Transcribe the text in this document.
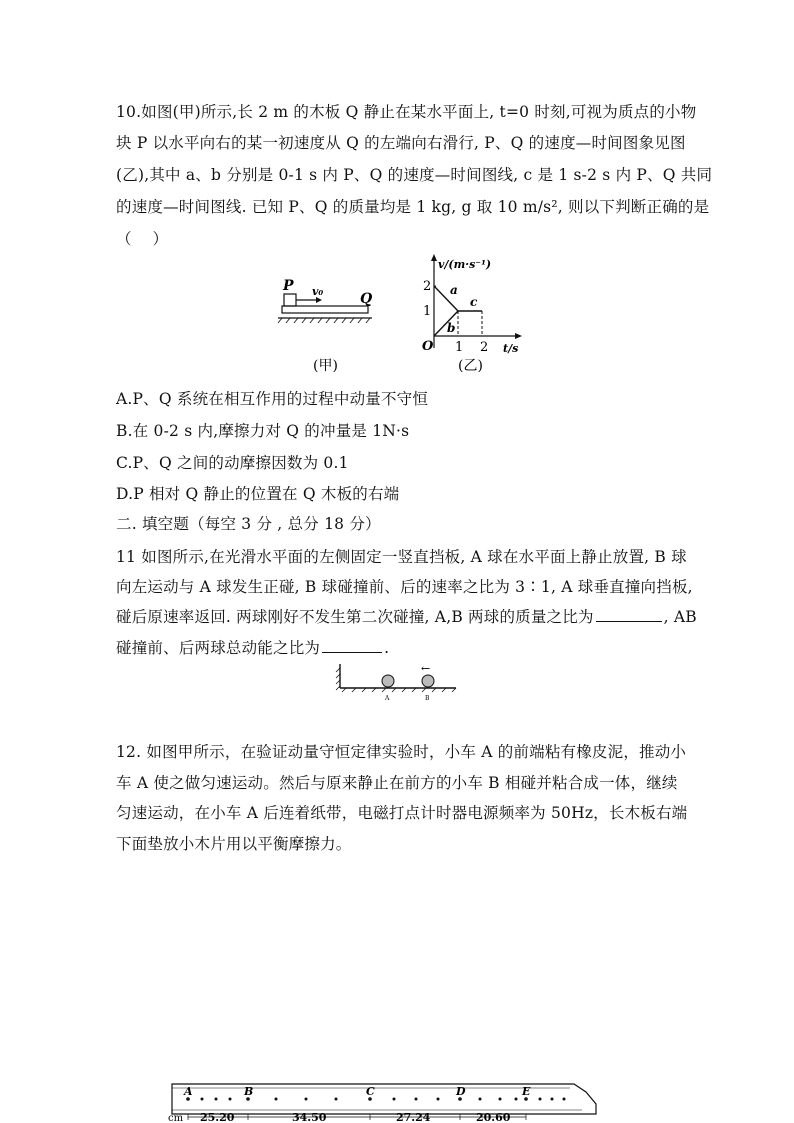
10.如图(甲)所示,长 2 m 的木板 Q 静止在某水平面上, t=0 时刻,可视为质点的小物
块 P 以水平向右的某一初速度从 Q 的左端向右滑行, P、Q 的速度—时间图象见图
(乙),其中 a、b 分别是 0-1 s 内 P、Q 的速度—时间图线, c 是 1 s-2 s 内 P、Q 共同
的速度—时间图线. 已知 P、Q 的质量均是 1 kg, g 取 10 m/s², 则以下判断正确的是
（　 ）
P v₀	Q
(甲)
v/(m·s⁻¹)
t/s
O
2
1
1 2
a
b
c
(乙)
A.P、Q 系统在相互作用的过程中动量不守恒
B.在 0-2 s 内,摩擦力对 Q 的冲量是 1N·s
C.P、Q 之间的动摩擦因数为 0.1
D.P 相对 Q 静止的位置在 Q 木板的右端
二. 填空题（每空 3 分 , 总分 18 分）
11 如图所示,在光滑水平面的左侧固定一竖直挡板, A 球在水平面上静止放置, B 球
向左运动与 A 球发生正碰, B 球碰撞前、后的速率之比为 3∶1, A 球垂直撞向挡板,
碰后原速率返回. 两球刚好不发生第二次碰撞, A,B 两球的质量之比为	, AB
碰撞前、后两球总动能之比为	.
A	B
←
12. 如图甲所示，在验证动量守恒定律实验时，小车 A 的前端粘有橡皮泥，推动小
车 A 使之做匀速运动。然后与原来静止在前方的小车 B 相碰并粘合成一体，继续
匀速运动，在小车 A 后连着纸带，电磁打点计时器电源频率为 50Hz，长木板右端
下面垫放小木片用以平衡摩擦力。
A	B	C	D	E
cm 25.20	34.50	27.24	20.60
